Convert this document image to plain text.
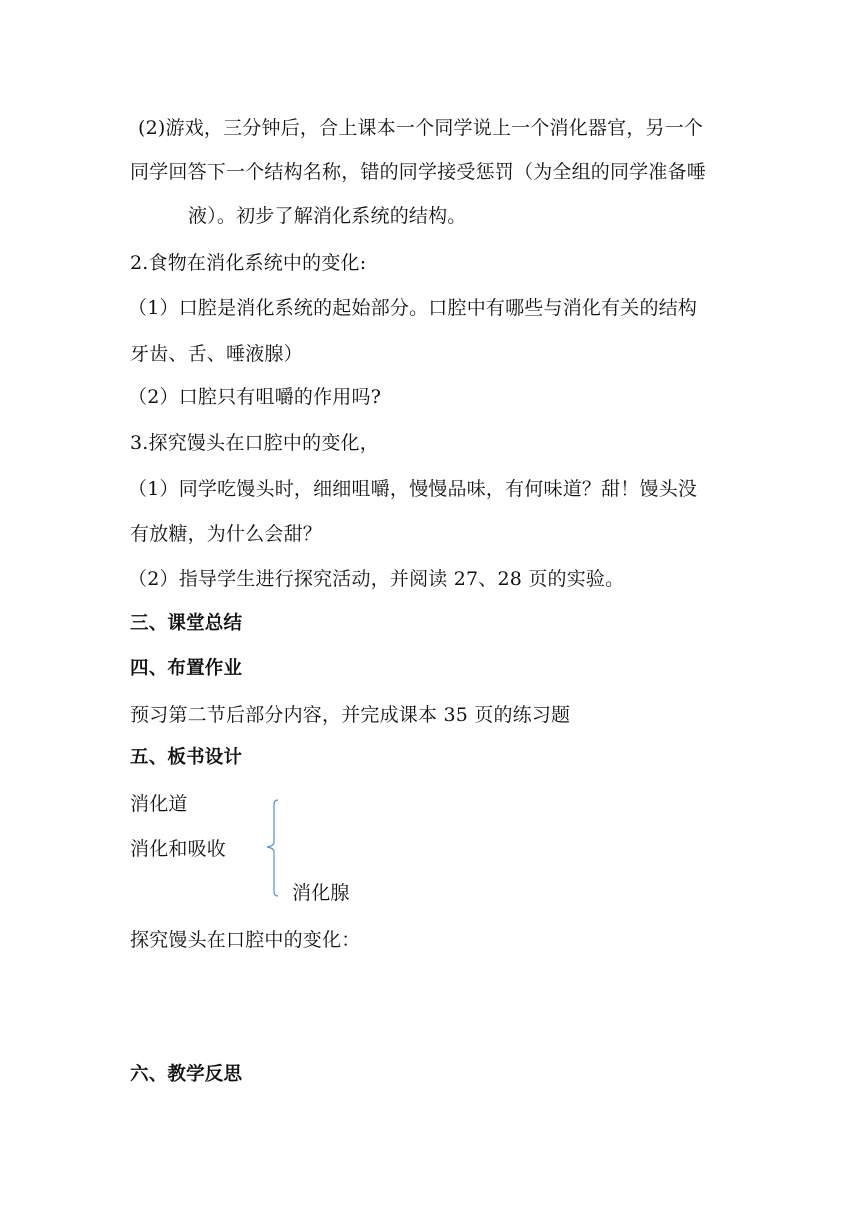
(2)游戏，三分钟后，合上课本一个同学说上一个消化器官，另一个
同学回答下一个结构名称，错的同学接受惩罚（为全组的同学准备唾
液）。初步了解消化系统的结构。
2.食物在消化系统中的变化:
（1）口腔是消化系统的起始部分。口腔中有哪些与消化有关的结构
牙齿、舌、唾液腺）
（2）口腔只有咀嚼的作用吗?
3.探究馒头在口腔中的变化，
（1）同学吃馒头时，细细咀嚼，慢慢品味，有何味道？甜！馒头没
有放糖，为什么会甜？
（2）指导学生进行探究活动，并阅读 27、28 页的实验。
三、课堂总结
四、布置作业
预习第二节后部分内容，并完成课本 35 页的练习题
五、板书设计
消化道
消化和吸收
消化腺
探究馒头在口腔中的变化：
六、教学反思
